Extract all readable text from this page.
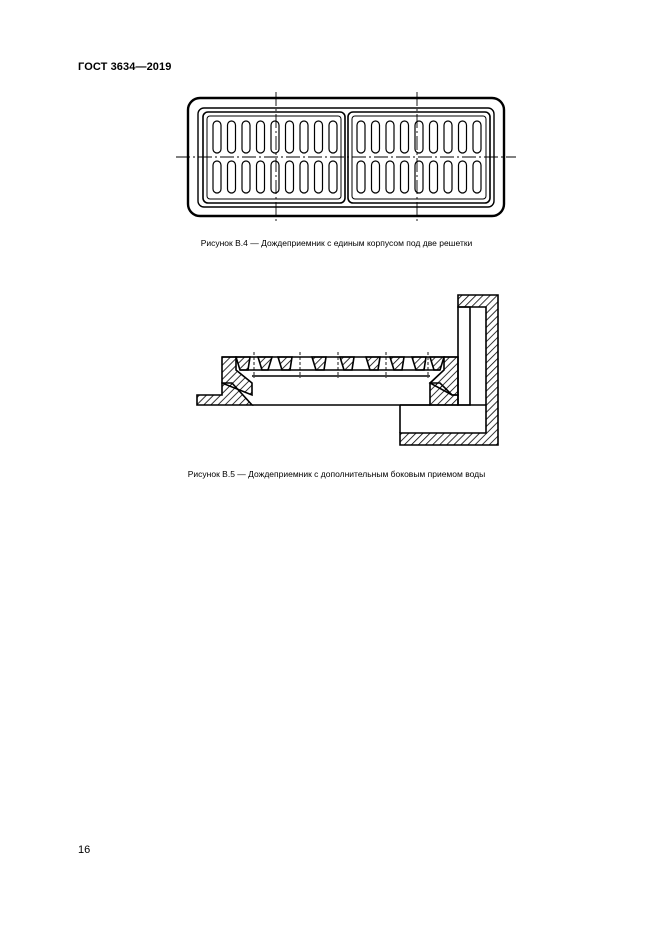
ГОСТ 3634—2019
Рисунок В.4 — Дождеприемник с единым корпусом под две решетки
Рисунок В.5 — Дождеприемник с дополнительным боковым приемом воды
16
